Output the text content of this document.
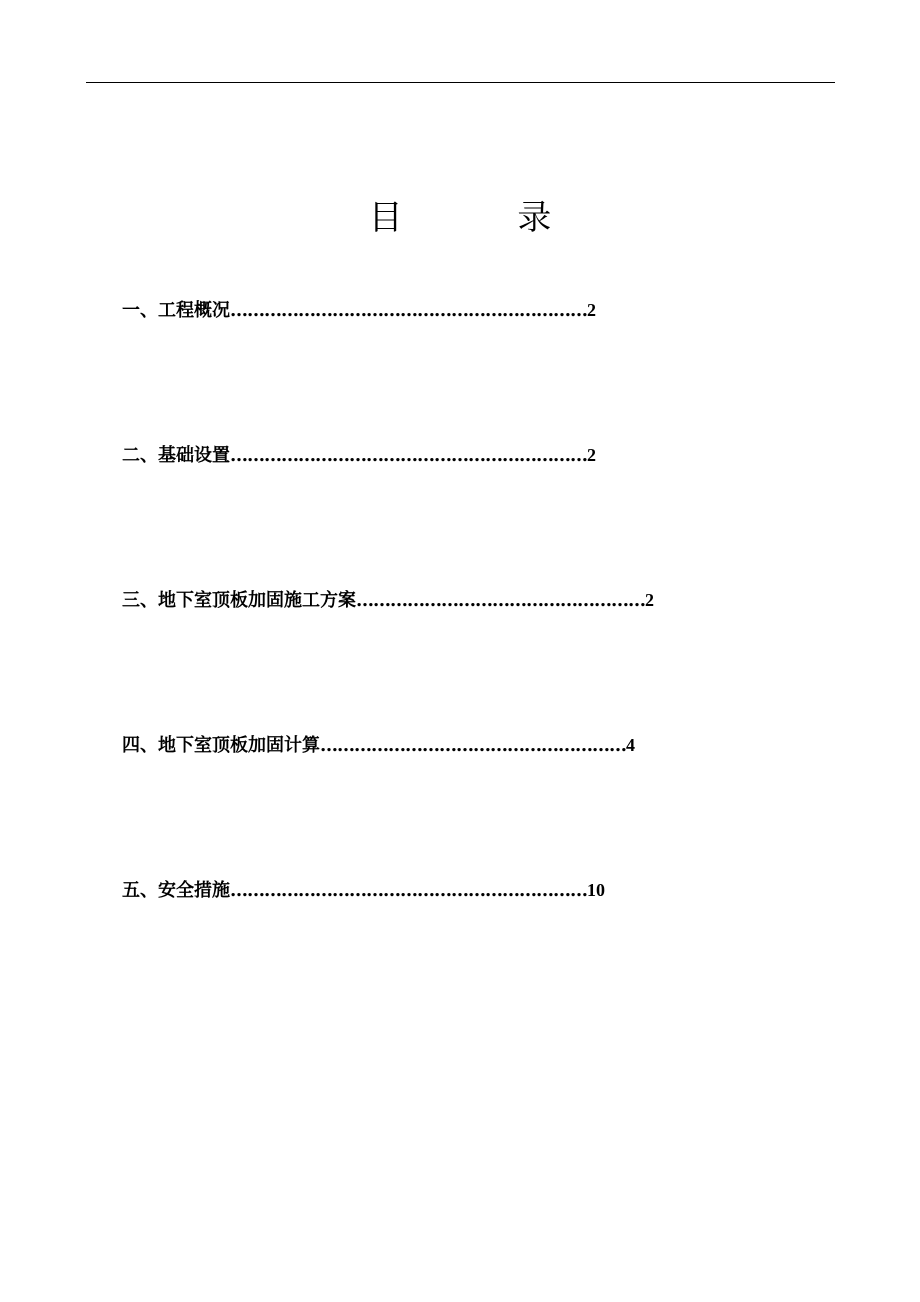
目 录
一、工程概况………………………………………………………2
二、基础设置………………………………………………………2
三、地下室顶板加固施工方案……………………………………………2
四、地下室顶板加固计算………………………………………………4
五、安全措施………………………………………………………10
